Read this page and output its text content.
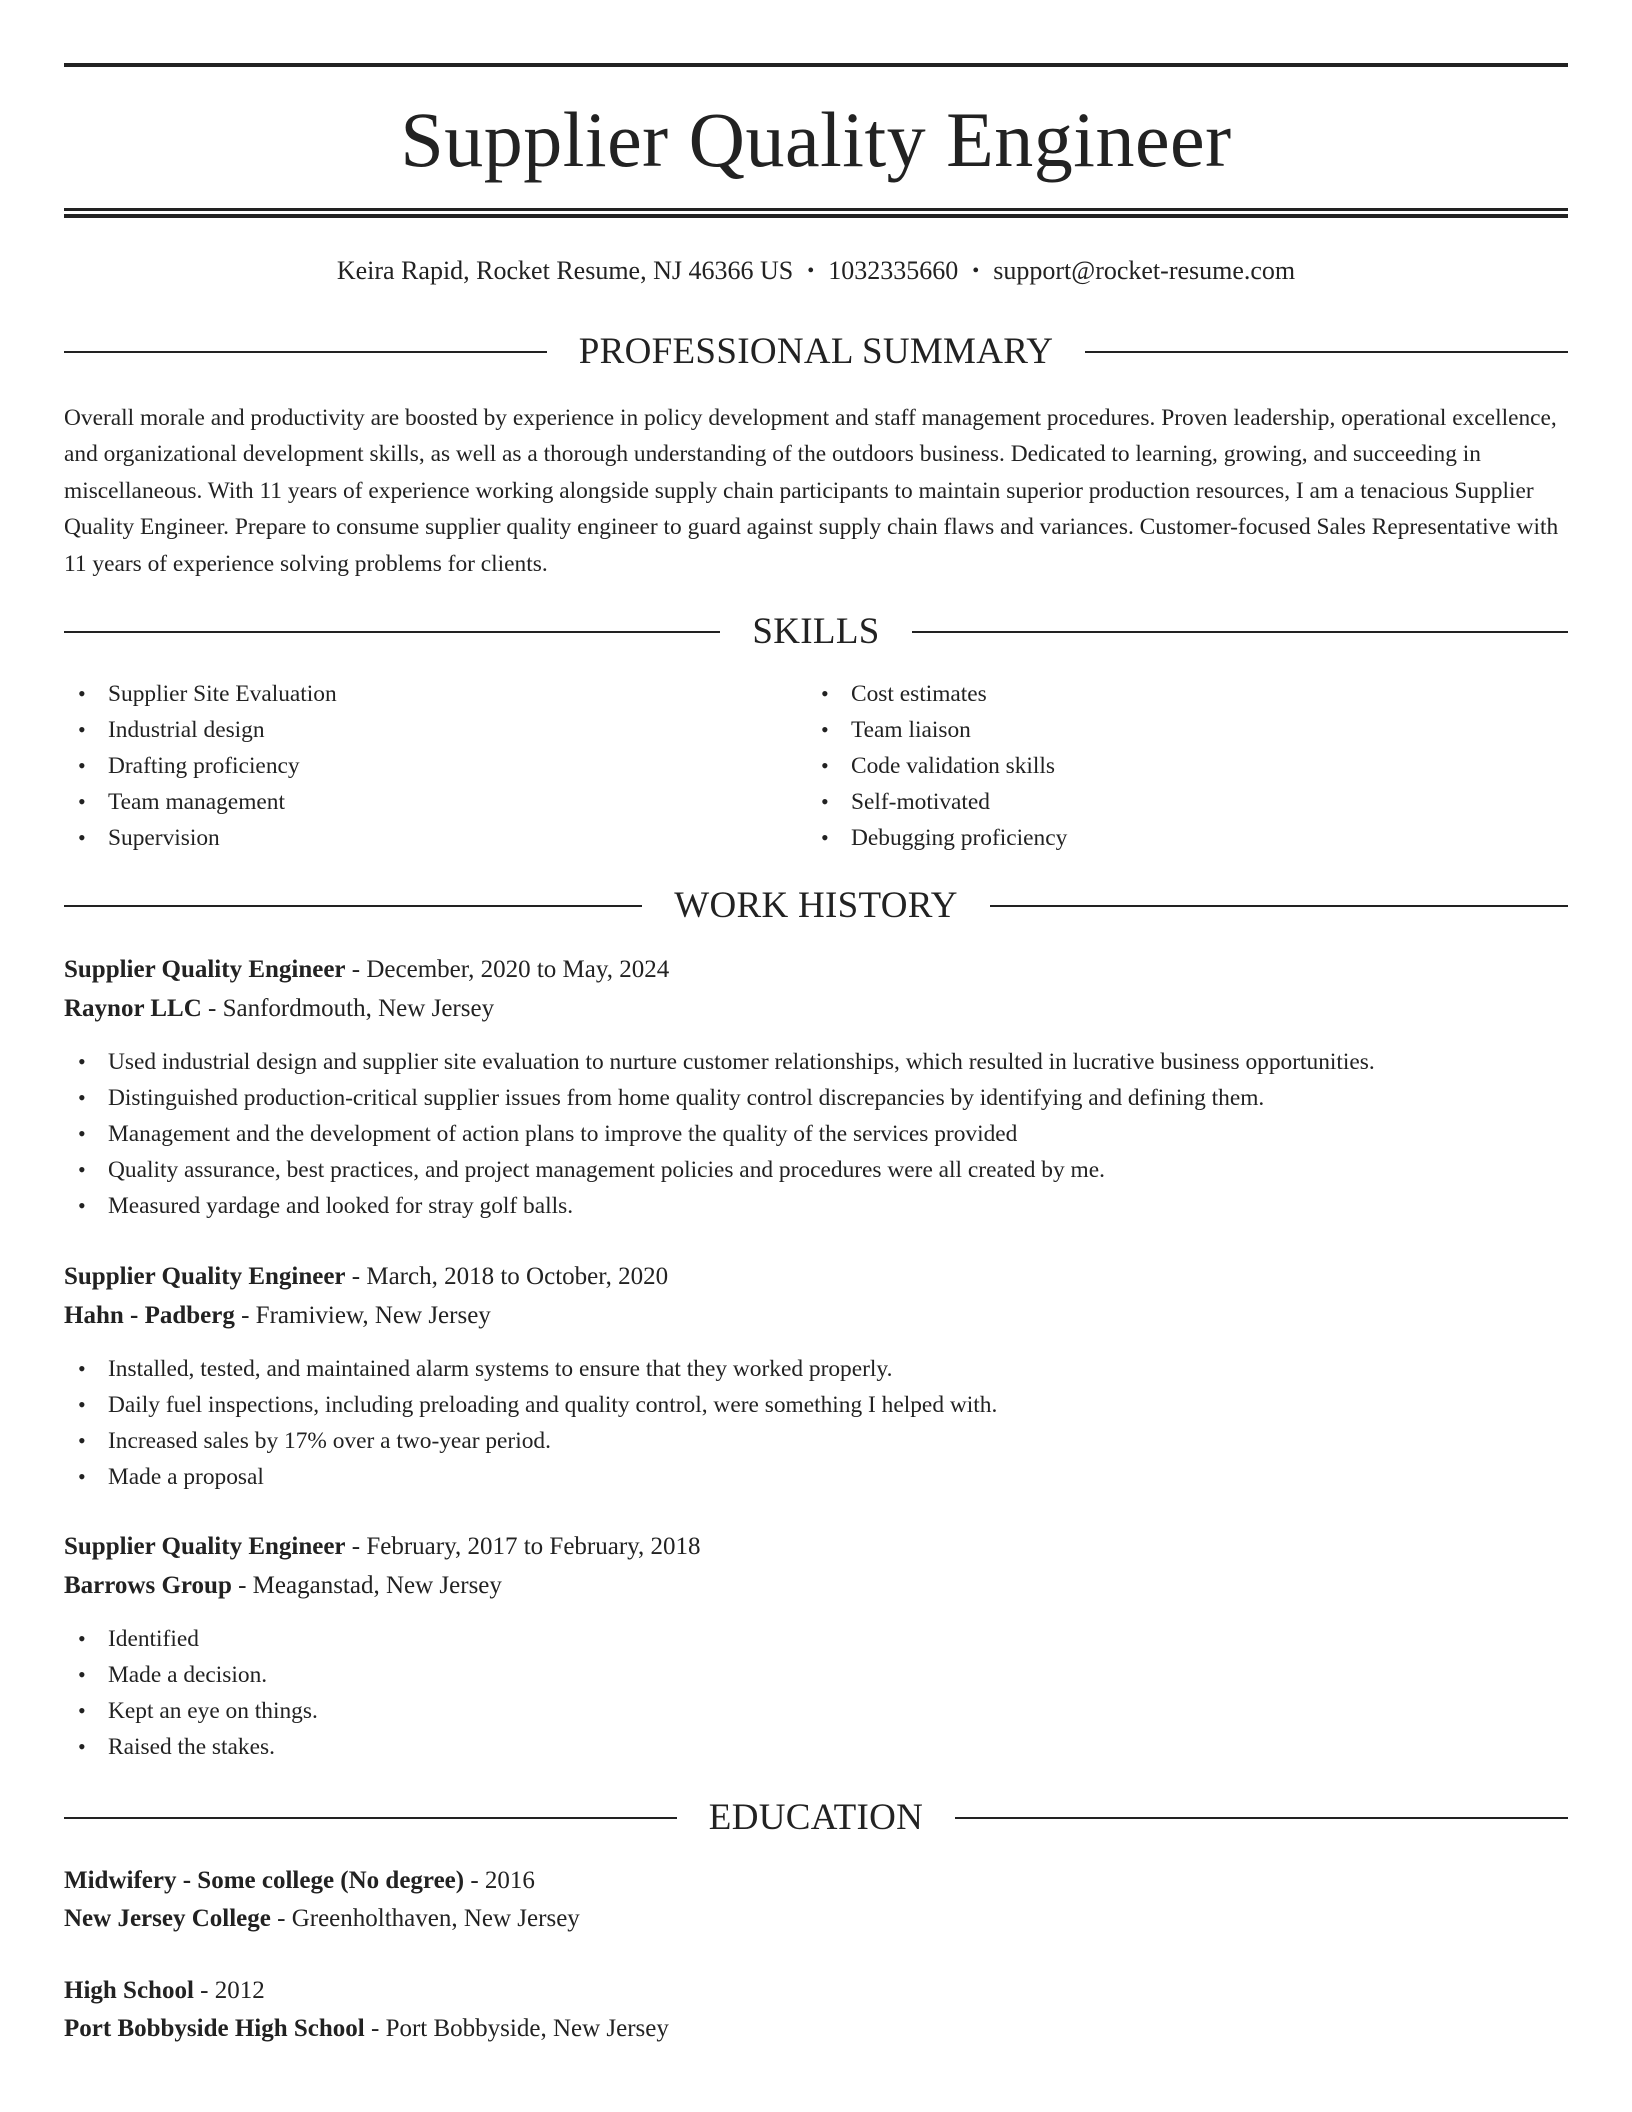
Supplier Quality Engineer
Keira Rapid, Rocket Resume, NJ 46366 US • 1032335660 • support@rocket-resume.com
PROFESSIONAL SUMMARY
Overall morale and productivity are boosted by experience in policy development and staff management procedures. Proven leadership, operational excellence, and organizational development skills, as well as a thorough understanding of the outdoors business. Dedicated to learning, growing, and succeeding in miscellaneous. With 11 years of experience working alongside supply chain participants to maintain superior production resources, I am a tenacious Supplier Quality Engineer. Prepare to consume supplier quality engineer to guard against supply chain flaws and variances. Customer-focused Sales Representative with 11 years of experience solving problems for clients.
SKILLS
• Supplier Site Evaluation
• Industrial design
• Drafting proficiency
• Team management
• Supervision
• Cost estimates
• Team liaison
• Code validation skills
• Self-motivated
• Debugging proficiency
WORK HISTORY
Supplier Quality Engineer - December, 2020 to May, 2024
Raynor LLC - Sanfordmouth, New Jersey
• Used industrial design and supplier site evaluation to nurture customer relationships, which resulted in lucrative business opportunities.
• Distinguished production-critical supplier issues from home quality control discrepancies by identifying and defining them.
• Management and the development of action plans to improve the quality of the services provided
• Quality assurance, best practices, and project management policies and procedures were all created by me.
• Measured yardage and looked for stray golf balls.
Supplier Quality Engineer - March, 2018 to October, 2020
Hahn - Padberg - Framiview, New Jersey
• Installed, tested, and maintained alarm systems to ensure that they worked properly.
• Daily fuel inspections, including preloading and quality control, were something I helped with.
• Increased sales by 17% over a two-year period.
• Made a proposal
Supplier Quality Engineer - February, 2017 to February, 2018
Barrows Group - Meaganstad, New Jersey
• Identified
• Made a decision.
• Kept an eye on things.
• Raised the stakes.
EDUCATION
Midwifery - Some college (No degree) - 2016
New Jersey College - Greenholthaven, New Jersey
High School - 2012
Port Bobbyside High School - Port Bobbyside, New Jersey
